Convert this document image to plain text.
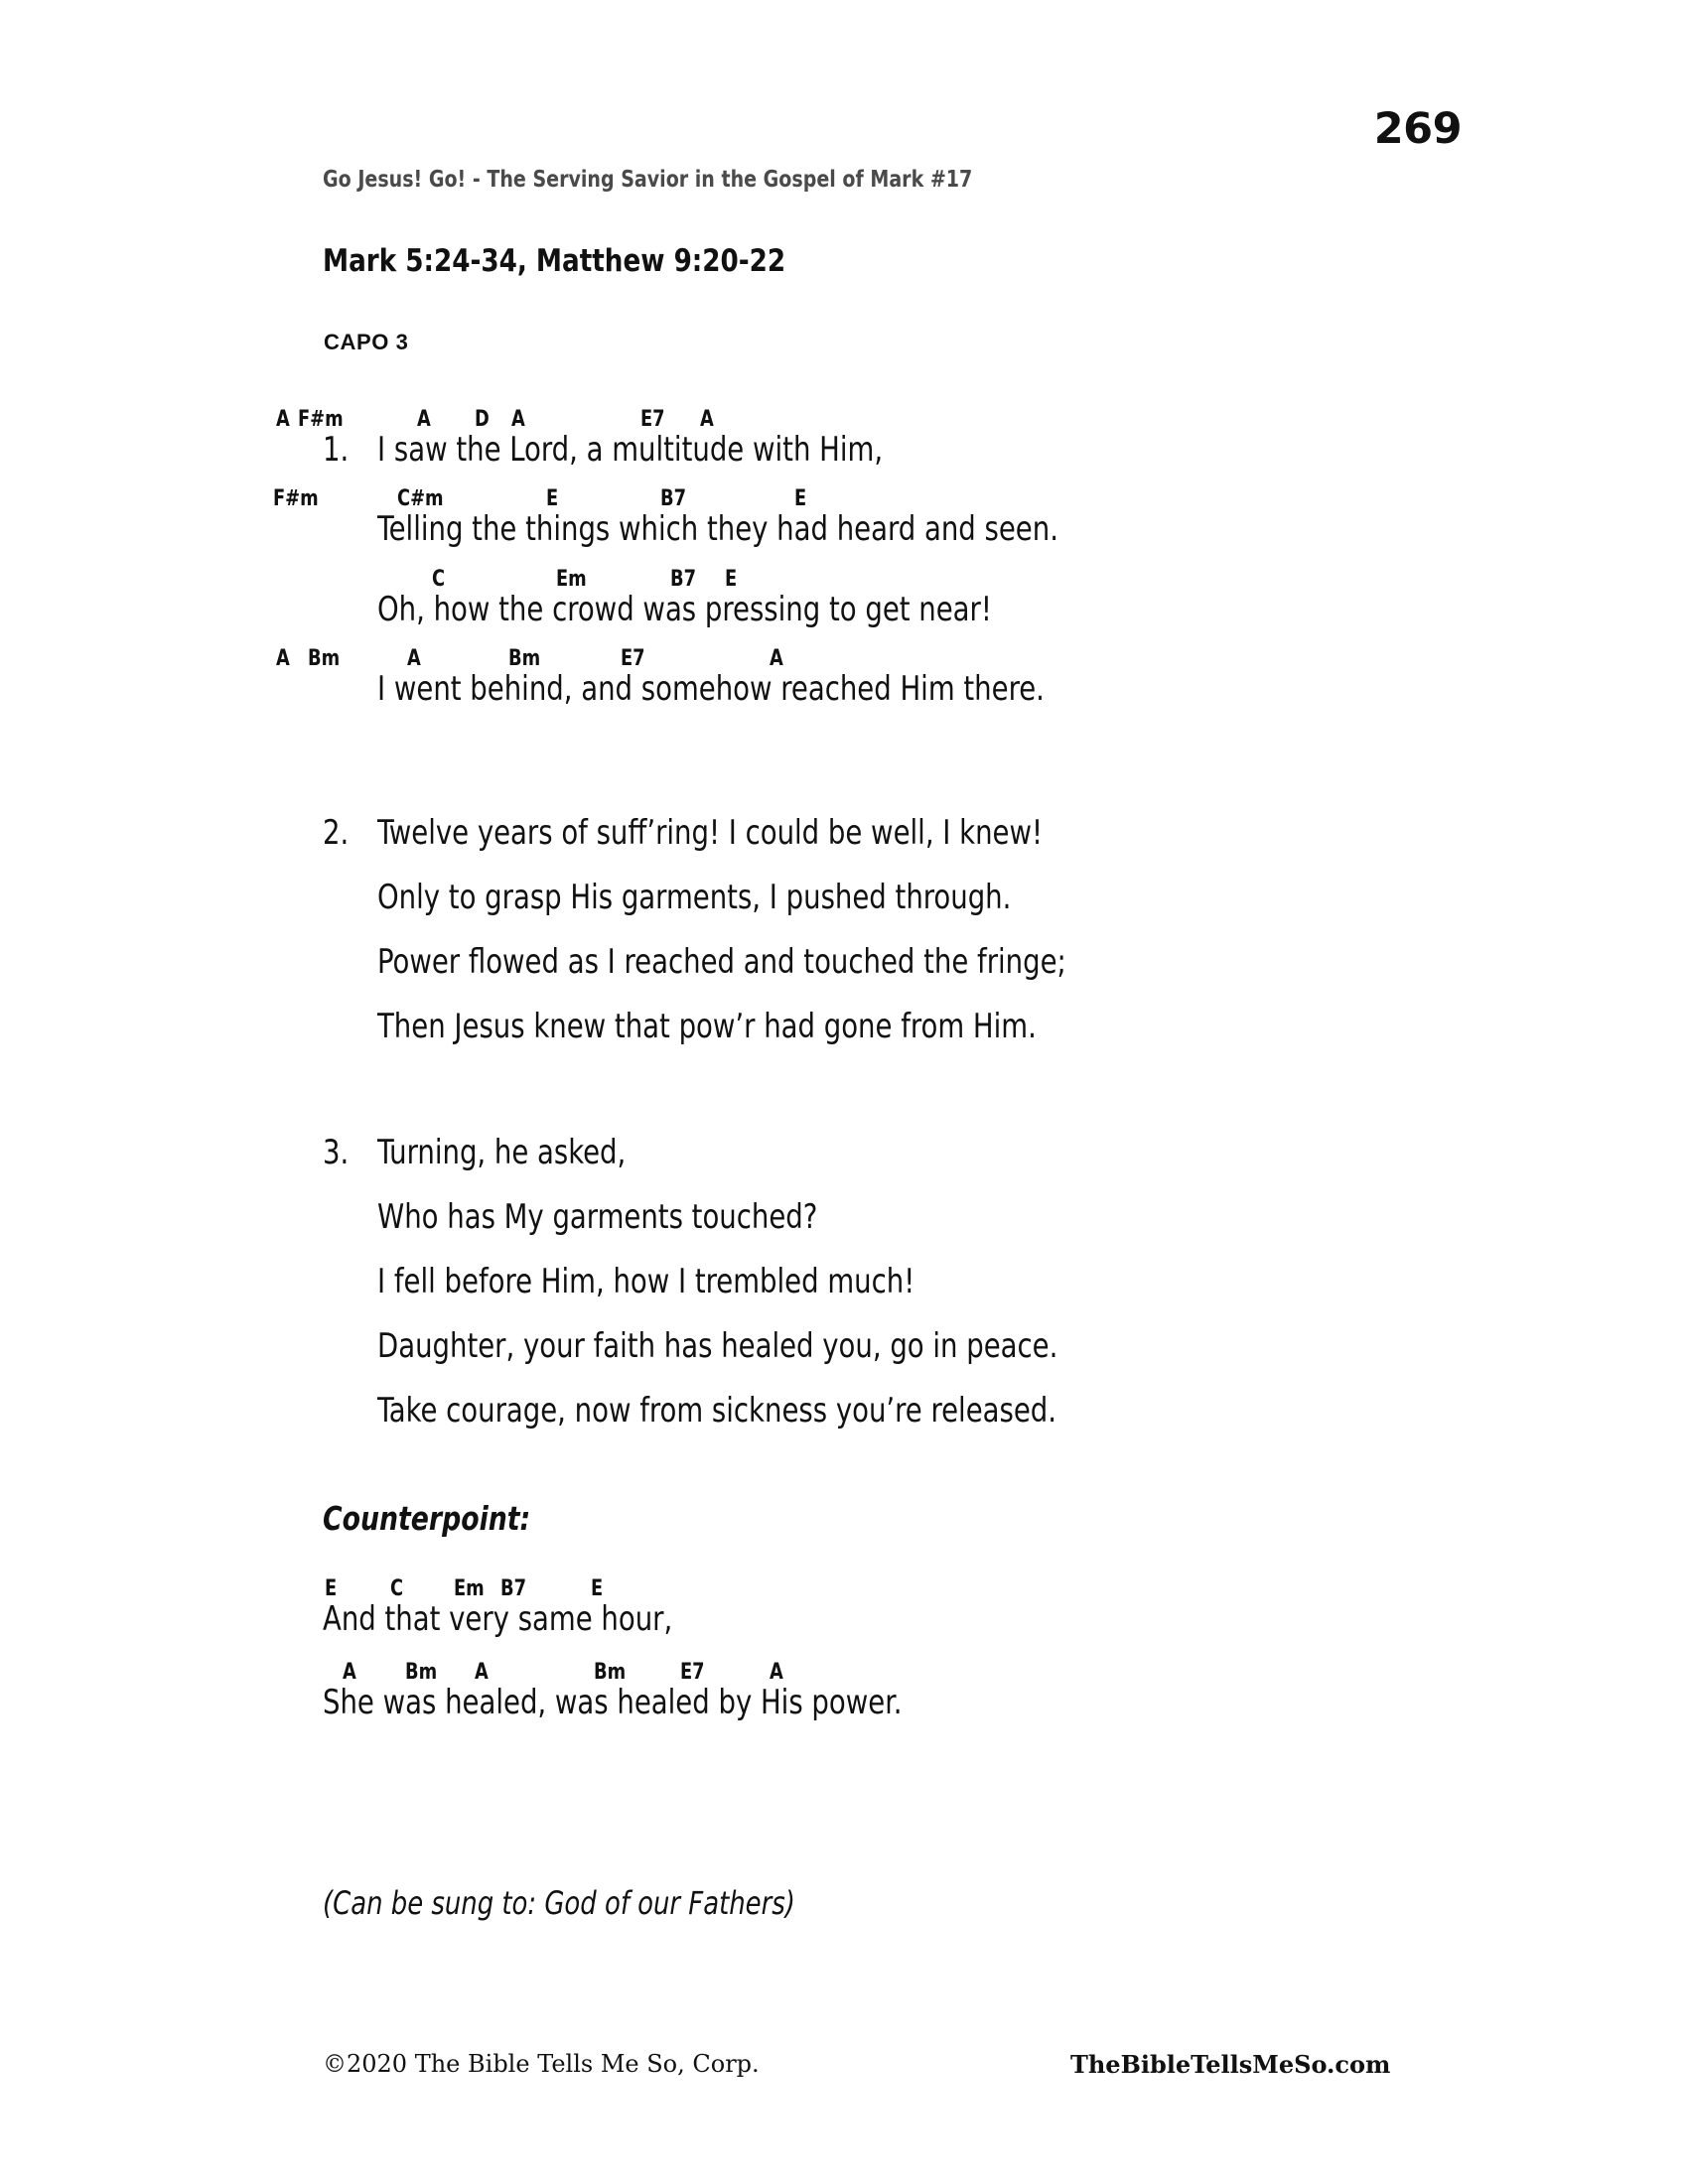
269
Go Jesus! Go! - The Serving Savior in the Gospel of Mark #17
Mark 5:24-34, Matthew 9:20-22
CAPO 3
A F#m	A D A	E7 A
1. I saw the Lord, a multitude with Him,
F#m	C#m	E	B7	E
Telling the things which they had heard and seen.
C	Em	B7 E
Oh, how the crowd was pressing to get near!
A Bm	A	Bm	E7	A
I went behind, and somehow reached Him there.
2. Twelve years of suff’ring! I could be well, I knew!
Only to grasp His garments, I pushed through.
Power flowed as I reached and touched the fringe;
Then Jesus knew that pow’r had gone from Him.
3. Turning, he asked,
Who has My garments touched?
I fell before Him, how I trembled much!
Daughter, your faith has healed you, go in peace.
Take courage, now from sickness you’re released.
Counterpoint:
E C Em B7	E
And that very same hour,
A Bm A	Bm E7	A
She was healed, was healed by His power.
(Can be sung to: God of our Fathers)
©2020 The Bible Tells Me So, Corp.	TheBibleTellsMeSo.com
